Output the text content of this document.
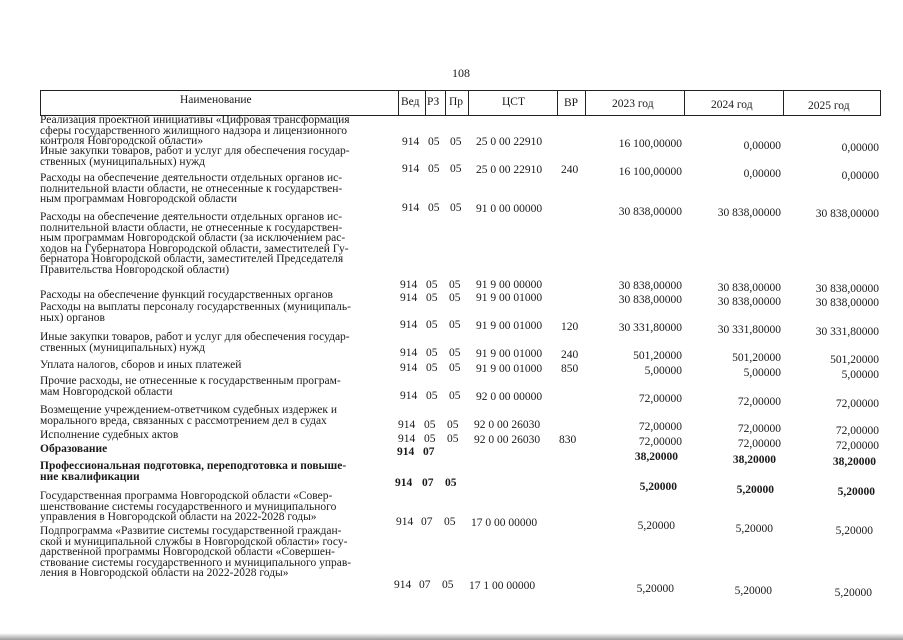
108
Наименование	Вед РЗ Пр	ЦСТ	ВР	2023 год	2024 год	2025 год
Реализация проектной инициативы «Цифровая трансформация
сферы государственного жилищного надзора и лицензионного
контроля Новгородской области»	914 05 05 25 0 00 22910	16 100,00000	0,00000	0,00000
Иные закупки товаров, работ и услуг для обеспечения государ-
ственных (муниципальных) нужд
914 05 05 25 0 00 22910 240	16 100,00000	0,00000	0,00000
Расходы на обеспечение деятельности отдельных органов ис-
полнительной власти области, не отнесенные к государствен-
ным программам Новгородской области
914 05 05 91 0 00 00000	30 838,00000	30 838,00000	30 838,00000
Расходы на обеспечение деятельности отдельных органов ис-
полнительной власти области, не отнесенные к государствен-
ным программам Новгородской области (за исключением рас-
ходов на Губернатора Новгородской области, заместителей Гу-
бернатора Новгородской области, заместителей Председателя
Правительства Новгородской области)
914 05 05 91 9 00 00000	30 838,00000	30 838,00000	30 838,00000
Расходы на обеспечение функций государственных органов	914 05 05 91 9 00 01000	30 838,00000	30 838,00000	30 838,00000
Расходы на выплаты персоналу государственных (муниципаль-
ных) органов
914 05 05 91 9 00 01000 120	30 331,80000	30 331,80000	30 331,80000
Иные закупки товаров, работ и услуг для обеспечения государ-
ственных (муниципальных) нужд	914 05 05 91 9 00 01000 240	501,20000	501,20000	501,20000
Уплата налогов, сборов и иных платежей	914 05 05 91 9 00 01000 850	5,00000	5,00000	5,00000
Прочие расходы, не отнесенные к государственным програм-
мам Новгородской области	914 05 05 92 0 00 00000	72,00000	72,00000	72,00000
Возмещение учреждением-ответчиком судебных издержек и
морального вреда, связанных с рассмотрением дел в судах	914 05 05 92 0 00 26030	72,00000	72,00000	72,00000
Исполнение судебных актов	914 05 05 92 0 00 26030 830	72,00000	72,00000	72,00000
Образование	914 07	38,20000	38,20000	38,20000
Профессиональная подготовка, переподготовка и повыше-
ние квалификации
914 07 05	5,20000	5,20000	5,20000
Государственная программа Новгородской области «Совер-
шенствование системы государственного и муниципального
управления в Новгородской области на 2022-2028 годы»	914 07 05 17 0 00 00000	5,20000	5,20000	5,20000
Подпрограмма «Развитие системы государственной граждан-
ской и муниципальной службы в Новгородской области» госу-
дарственной программы Новгородской области «Совершен-
ствование системы государственного и муниципального управ-
ления в Новгородской области на 2022-2028 годы»
914 07 05 17 1 00 00000	5,20000	5,20000	5,20000
